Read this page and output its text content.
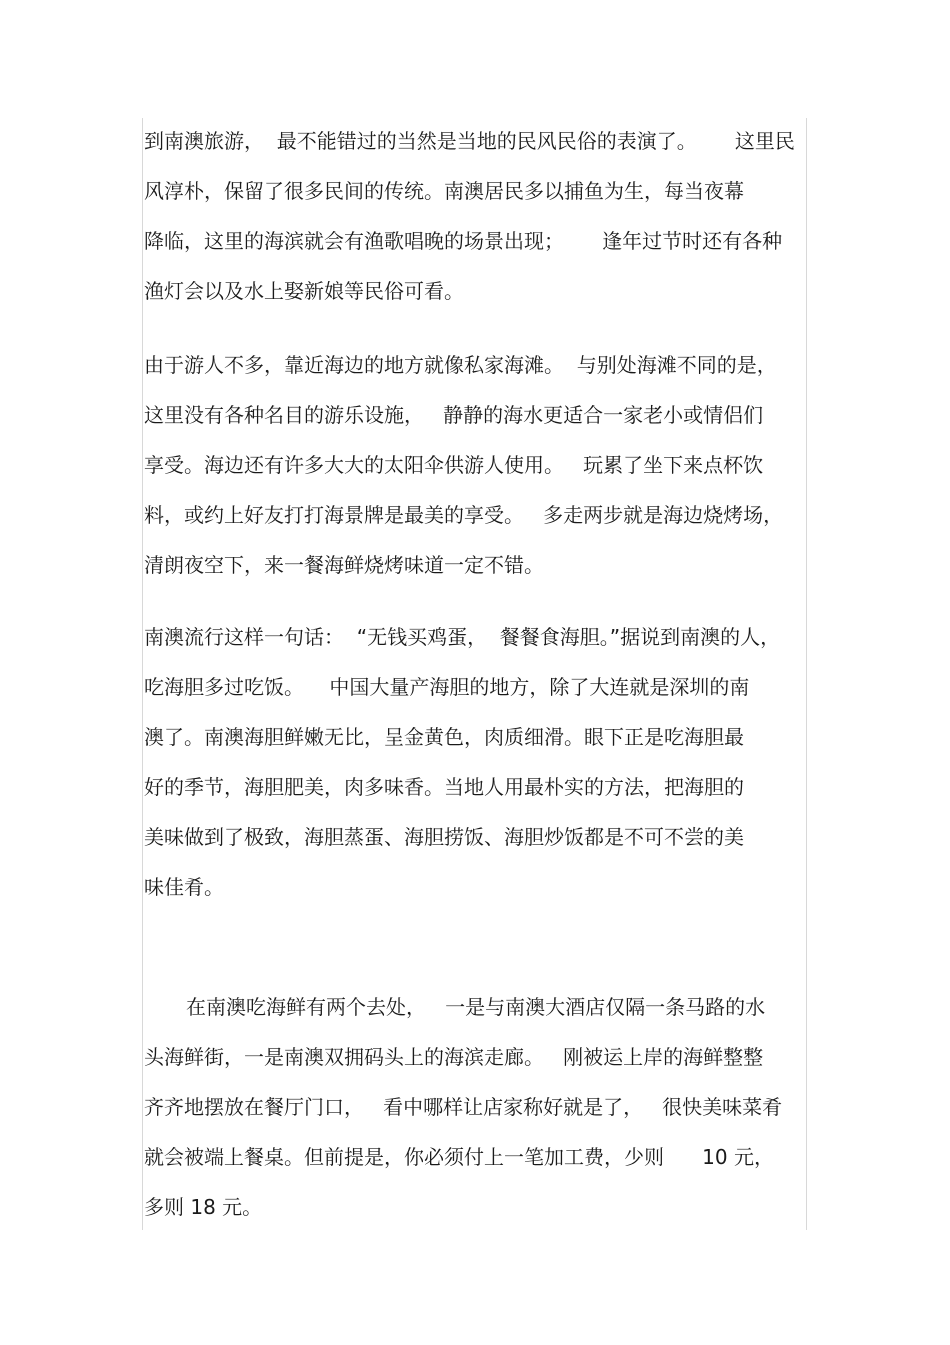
到南澳旅游，  最不能错过的当然是当地的民风民俗的表演了。      这里民
风淳朴，保留了很多民间的传统。南澳居民多以捕鱼为生，每当夜幕
降临，这里的海滨就会有渔歌唱晚的场景出现；      逢年过节时还有各种
渔灯会以及水上娶新娘等民俗可看。
由于游人不多，靠近海边的地方就像私家海滩。  与别处海滩不同的是，
这里没有各种名目的游乐设施，   静静的海水更适合一家老小或情侣们
享受。海边还有许多大大的太阳伞供游人使用。   玩累了坐下来点杯饮
料，或约上好友打打海景牌是最美的享受。   多走两步就是海边烧烤场，
清朗夜空下，来一餐海鲜烧烤味道一定不错。
南澳流行这样一句话：  “无钱买鸡蛋，  餐餐食海胆。”据说到南澳的人，
吃海胆多过吃饭。    中国大量产海胆的地方，除了大连就是深圳的南
澳了。南澳海胆鲜嫩无比，呈金黄色，肉质细滑。眼下正是吃海胆最
好的季节，海胆肥美，肉多味香。当地人用最朴实的方法，把海胆的
美味做到了极致，海胆蒸蛋、海胆捞饭、海胆炒饭都是不可不尝的美
味佳肴。
在南澳吃海鲜有两个去处，   一是与南澳大酒店仅隔一条马路的水
头海鲜街，一是南澳双拥码头上的海滨走廊。   刚被运上岸的海鲜整整
齐齐地摆放在餐厅门口，   看中哪样让店家称好就是了，   很快美味菜肴
就会被端上餐桌。但前提是，你必须付上一笔加工费，少则      10 元，
多则 18 元。
